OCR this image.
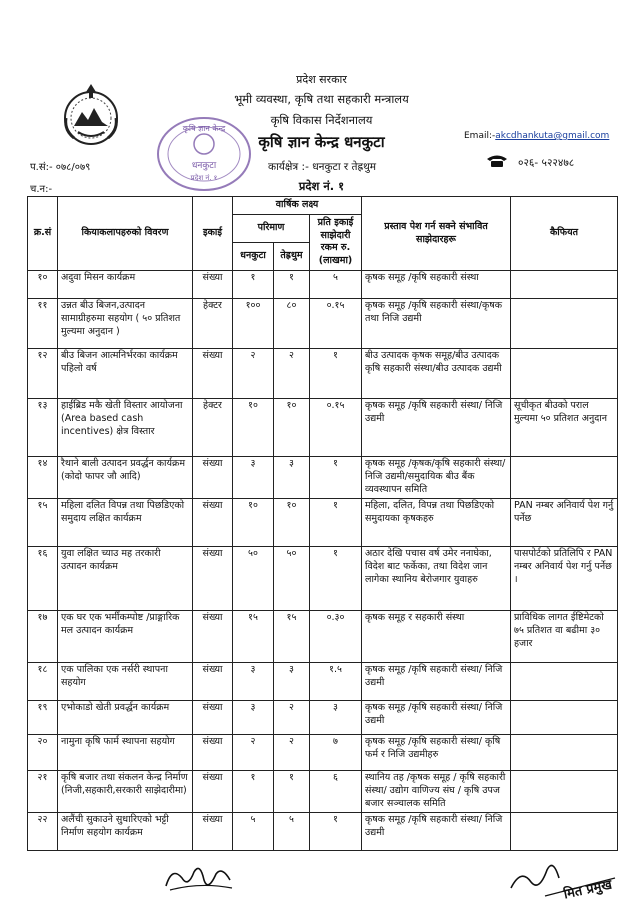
कृषि ज्ञान केन्द्र
धनकुटा
प्रदेश नं. १
प्रदेश सरकार
भूमी व्यवस्था, कृषि तथा सहकारी मन्त्रालय
कृषि विकास निर्देशनालय
कृषि ज्ञान केन्द्र धनकुटा
कार्यक्षेत्र :- धनकुटा र तेह्रथुम
प्रदेश नं. १
Email:-akcdhankuta@gmail.com
०२६- ५२२४७८
प.सं:- ०७८/०७९
च.न:-
क्र.सं	कियाकलापहरुको विवरण	इकाई	वार्षिक लक्ष्य			प्रस्ताव पेश गर्न सक्ने संभावित साझेदारहरू	कैफियत
			परिमाण		प्रति इकाई साझेदारी रकम रु. (लाखमा)		
			धनकुटा	तेह्रथुम			
१०	अदुवा मिसन कार्यक्रम	संख्या	१	१	५	कृषक समूह /कृषि सहकारी संस्था	
११	उन्नत बीउ बिजन,उत्पादन सामाग्रीहरुमा सहयोग ( ५० प्रतिशत मुल्यमा अनुदान )	हेक्टर	१००	८०	०.१५	कृषक समूह /कृषि सहकारी संस्था/कृषक तथा निजि उद्यमी	
१२	बीउ बिजन आत्मनिर्भरका कार्यक्रम पहिलो वर्ष	संख्या	२	२	१	बीउ उत्पादक कृषक समूह/बीउ उत्पादक कृषि सहकारी संस्था/बीउ उत्पादक उद्यमी	
१३	हाईब्रिड मकै खेती विस्तार आयोजना (Area based cash incentives) क्षेत्र विस्तार	हेक्टर	१०	१०	०.१५	कृषक समूह /कृषि सहकारी संस्था/ निजि उद्यमी	सूचीकृत बीउको पराल मुल्यमा ५० प्रतिशत अनुदान
१४	रैथाने बाली उत्पादन प्रवर्द्धन कार्यक्रम (कोदो फापर जौ आदि)	संख्या	३	३	१	कृषक समूह /कृषक/कृषि सहकारी संस्था/ निजि उद्यमी/समुदायिक बीउ बैंक व्यवस्थापन समिति	
१५	महिला दलित विपन्न तथा पिछडिएको समुदाय लक्षित कार्यक्रम	संख्या	१०	१०	१	महिला, दलित, विपन्न तथा पिछडिएको समुदायका कृषकहरु	PAN नम्बर अनिवार्य पेश गर्नु पर्नेछ
१६	युवा लक्षित च्याउ मह तरकारी उत्पादन कार्यक्रम	संख्या	५०	५०	१	अठार देखि पचास वर्ष उमेर ननाघेका, विदेश बाट फर्केका, तथा विदेश जान लागेका स्थानिय बेरोजगार युवाहरु	पासपोर्टको प्रतिलिपि र PAN नम्बर अनिवार्य पेश गर्नु पर्नेछ ।
१७	एक घर एक भर्मीकम्पोष्ट /प्राङ्गारिक मल उत्पादन कार्यक्रम	संख्या	१५	१५	०.३०	कृषक समूह र सहकारी संस्था	प्राविधिक लागत ईष्टिमेटको ७५ प्रतिशत वा बढीमा ३० हजार
१८	एक पालिका एक नर्सरी स्थापना सहयोग	संख्या	३	३	१.५	कृषक समूह /कृषि सहकारी संस्था/ निजि उद्यमी	
१९	एभोकाडो खेती प्रवर्द्धन कार्यक्रम	संख्या	३	२	३	कृषक समूह /कृषि सहकारी संस्था/ निजि उद्यमी	
२०	नामुना कृषि फार्म स्थापना सहयोग	संख्या	२	२	७	कृषक समूह /कृषि सहकारी संस्था/ कृषि फर्म र निजि उद्यमीहरु	
२१	कृषि बजार तथा संकलन केन्द्र निर्माण (निजी,सहकारी,सरकारी साझेदारीमा)	संख्या	१	१	६	स्थानिय तह /कृषक समूह / कृषि सहकारी संस्था/ उद्योग वाणिज्य संघ / कृषि उपज बजार सञ्चालक समिति	
२२	अलैंची सुकाउने सुधारिएको भट्टी निर्माण सहयोग कार्यक्रम	संख्या	५	५	१	कृषक समूह /कृषि सहकारी संस्था/ निजि उद्यमी	
मित प्रमुख
